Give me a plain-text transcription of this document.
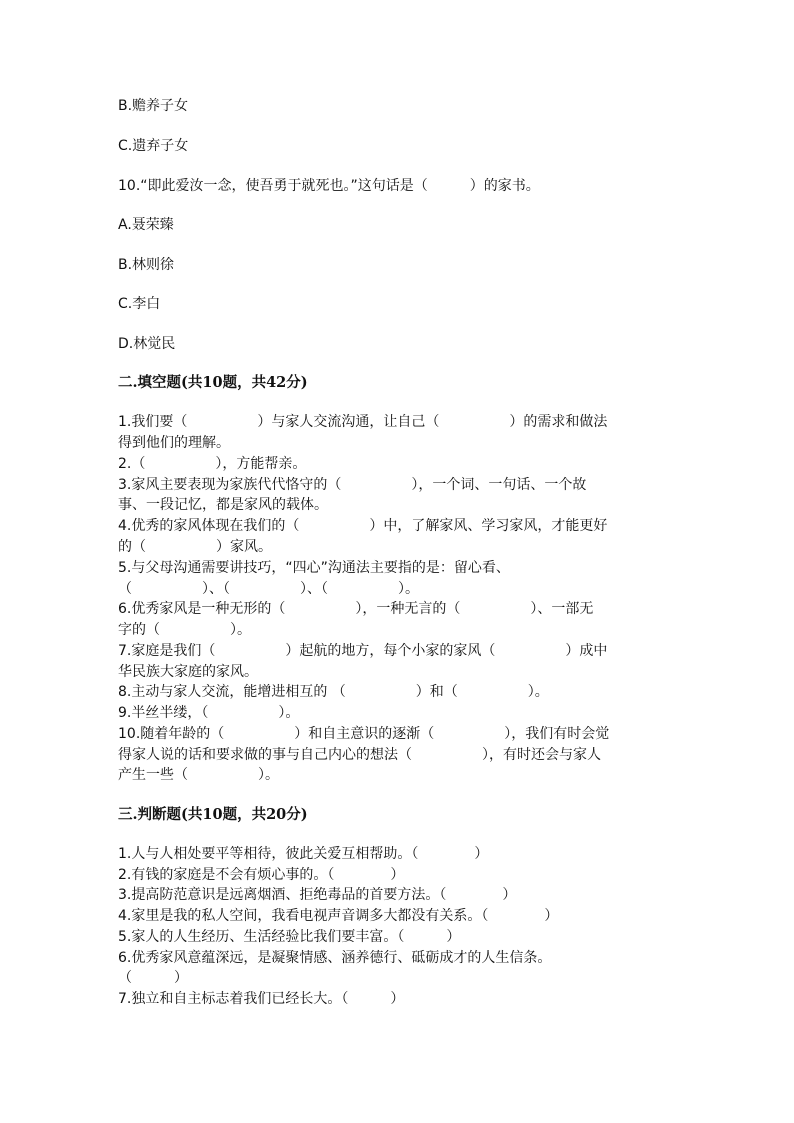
B.赡养子女
C.遗弃子女
10.“即此爱汝一念，使吾勇于就死也。”这句话是（　　　）的家书。
A.聂荣臻
B.林则徐
C.李白
D.林觉民
二.填空题(共10题，共42分)
1.我们要（　　　　　）与家人交流沟通，让自己（　　　　　）的需求和做法
得到他们的理解。
2.（　　　　　），方能帮亲。
3.家风主要表现为家族代代恪守的（　　　　　），一个词、一句话、一个故
事、一段记忆，都是家风的载体。
4.优秀的家风体现在我们的（　　　　　）中，了解家风、学习家风，才能更好
的（　　　　　）家风。
5.与父母沟通需要讲技巧，“四心”沟通法主要指的是：留心看、
（　　　　　）、（　　　　　）、（　　　　　）。
6.优秀家风是一种无形的（　　　　　），一种无言的（　　　　　）、一部无
字的（　　　　　）。
7.家庭是我们（　　　　　）起航的地方，每个小家的家风（　　　　　）成中
华民族大家庭的家风。
8.主动与家人交流，能增进相互的 （　　　　　）和（　　　　　）。
9.半丝半缕，（　　　　　）。
10.随着年龄的（　　　　　）和自主意识的逐渐（　　　　　），我们有时会觉
得家人说的话和要求做的事与自己内心的想法（　　　　　），有时还会与家人
产生一些（　　　　　）。
三.判断题(共10题，共20分)
1.人与人相处要平等相待，彼此关爱互相帮助。（　　　　）
2.有钱的家庭是不会有烦心事的。（　　　　）
3.提高防范意识是远离烟酒、拒绝毒品的首要方法。（　　　　）
4.家里是我的私人空间，我看电视声音调多大都没有关系。（　　　　）
5.家人的人生经历、生活经验比我们要丰富。（　　　）
6.优秀家风意蕴深远，是凝聚情感、涵养德行、砥砺成才的人生信条。
（　　　）
7.独立和自主标志着我们已经长大。（　　　）
